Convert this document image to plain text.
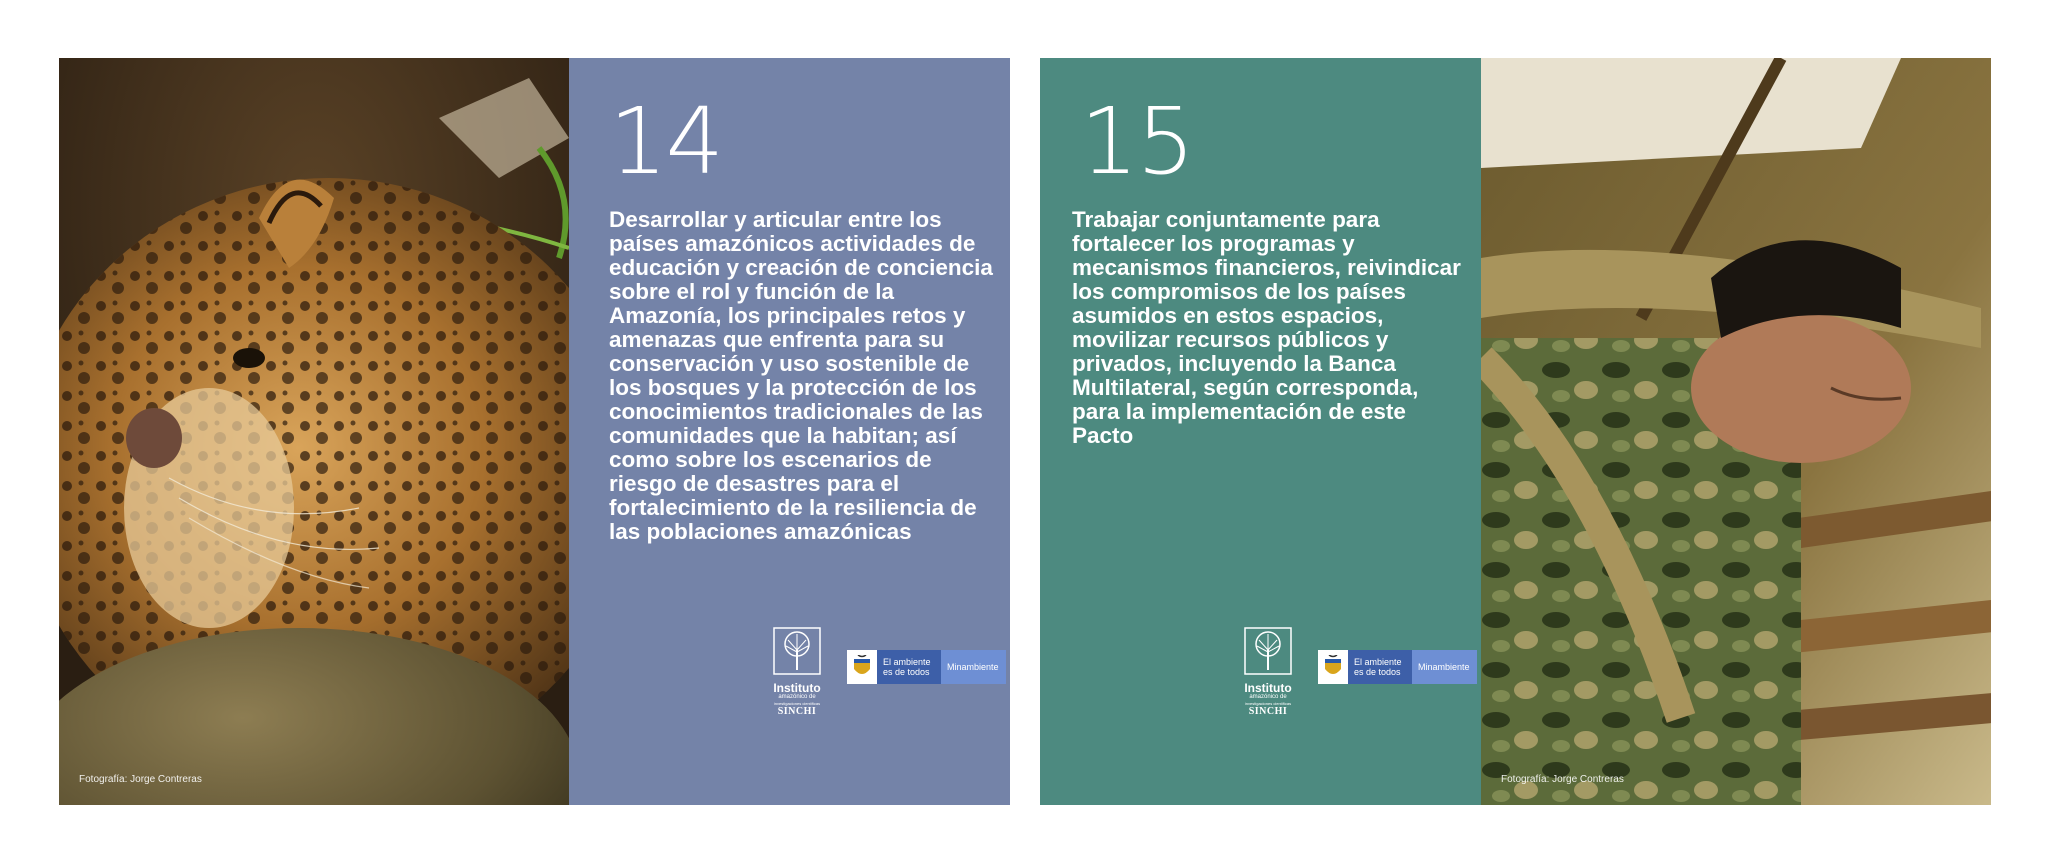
Fotografía: Jorge Contreras
14
Desarrollar y articular entre los países amazónicos actividades de educación y creación de conciencia sobre el rol y función de la Amazonía, los principales retos y amenazas que enfrenta para su conservación y uso sostenible de los bosques y la protección de los conocimientos tradicionales de las comunidades que la habitan; así como sobre los escenarios de riesgo de desastres para el fortalecimiento de la resiliencia de las poblaciones amazónicas
Instituto
amazónico de
investigaciones científicas
SINCHI
El ambiente es de todos	Minambiente
15
Trabajar conjuntamente para fortalecer los programas y mecanismos financieros, reivindicar los compromisos de los países asumidos en estos espacios, movilizar recursos públicos y privados, incluyendo la Banca Multilateral, según corresponda, para la implementación de este Pacto
Instituto
amazónico de
investigaciones científicas
SINCHI
El ambiente es de todos	Minambiente
Fotografía: Jorge Contreras
